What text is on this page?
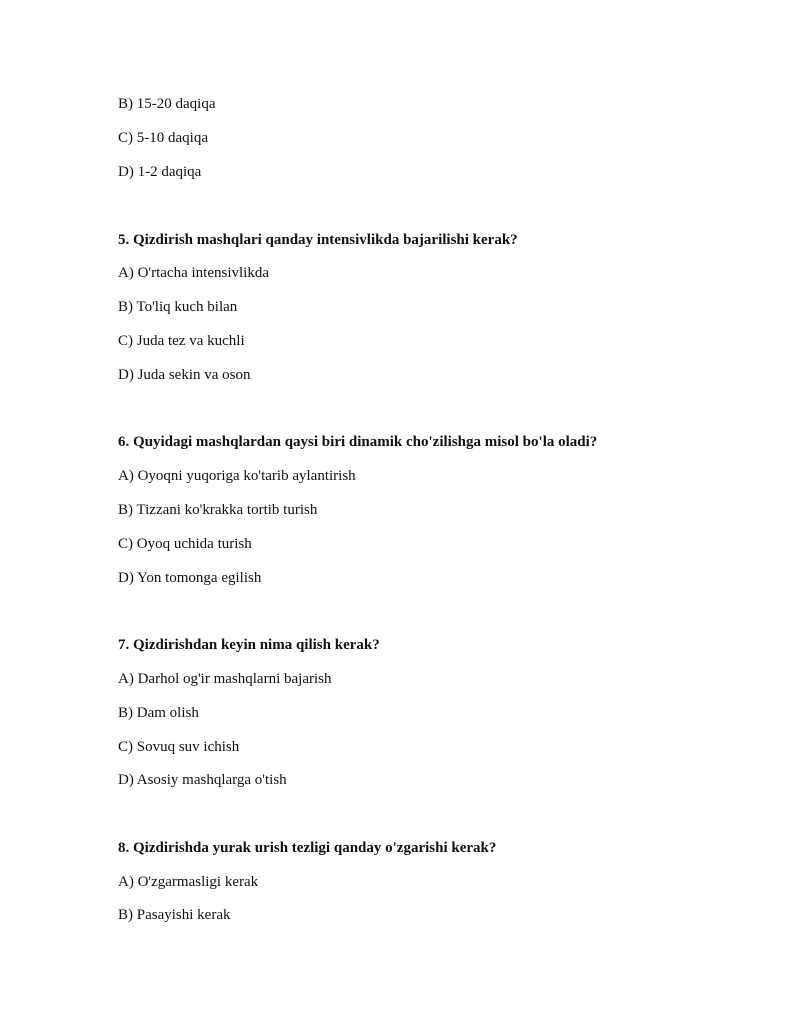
B) 15-20 daqiqa
C) 5-10 daqiqa
D) 1-2 daqiqa
5. Qizdirish mashqlari qanday intensivlikda bajarilishi kerak?
A) O'rtacha intensivlikda
B) To'liq kuch bilan
C) Juda tez va kuchli
D) Juda sekin va oson
6. Quyidagi mashqlardan qaysi biri dinamik cho'zilishga misol bo'la oladi?
A) Oyoqni yuqoriga ko'tarib aylantirish
B) Tizzani ko'krakka tortib turish
C) Oyoq uchida turish
D) Yon tomonga egilish
7. Qizdirishdan keyin nima qilish kerak?
A) Darhol og'ir mashqlarni bajarish
B) Dam olish
C) Sovuq suv ichish
D) Asosiy mashqlarga o'tish
8. Qizdirishda yurak urish tezligi qanday o'zgarishi kerak?
A) O'zgarmasligi kerak
B) Pasayishi kerak
